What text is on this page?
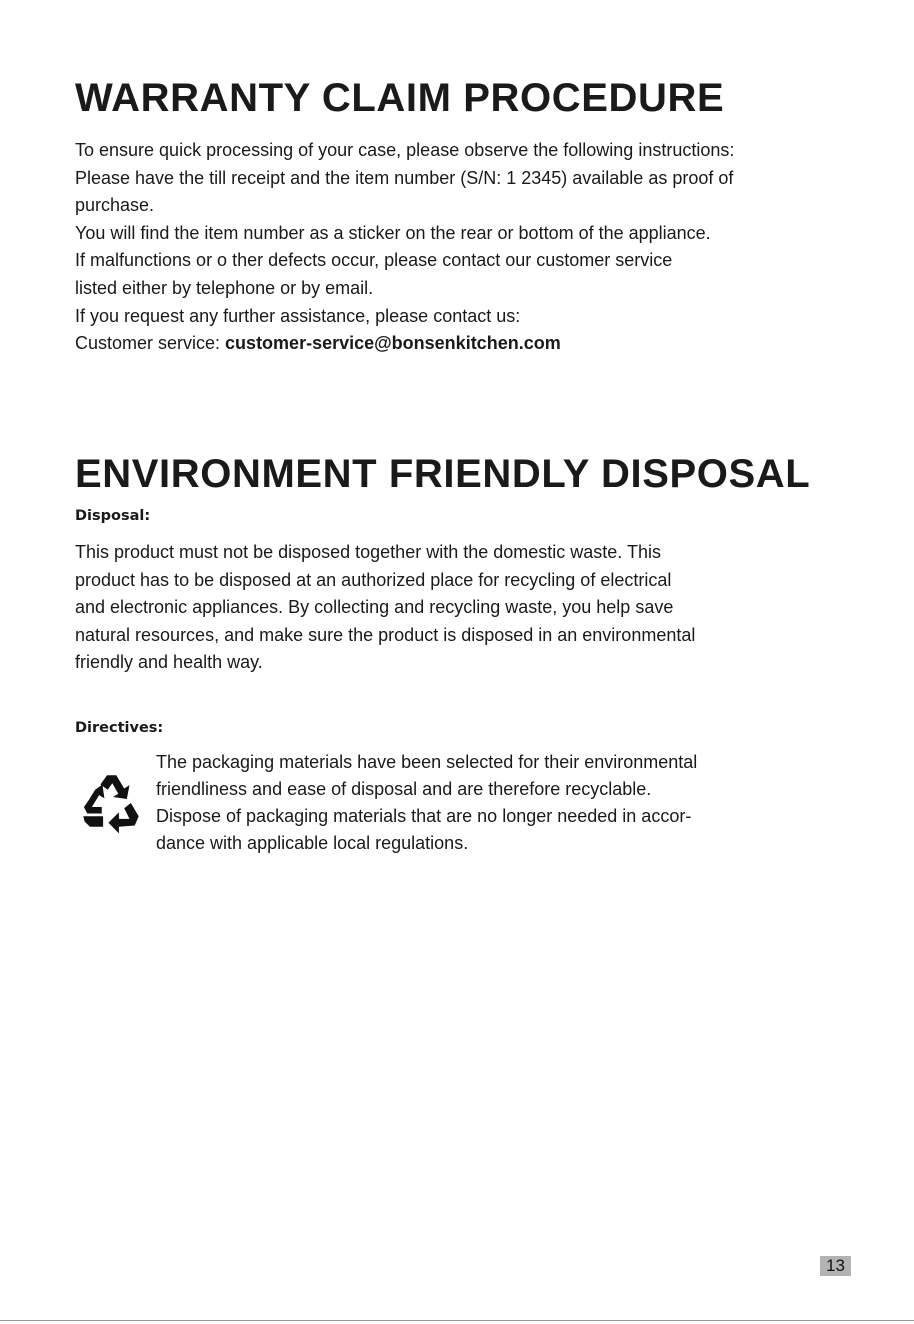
WARRANTY CLAIM PROCEDURE
To ensure quick processing of your case, please observe the following instructions:
Please have the till receipt and the item number (S/N: 1 2345) available as proof of
purchase.
You will find the item number as a sticker on the rear or bottom of the appliance.
If malfunctions or o ther defects occur, please contact our customer service
listed either by telephone or by email.
If you request any further assistance, please contact us:
Customer service: customer-service@bonsenkitchen.com
ENVIRONMENT FRIENDLY DISPOSAL
Disposal:
This product must not be disposed together with the domestic waste. This
product has to be disposed at an authorized place for recycling of electrical
and electronic appliances. By collecting and recycling waste, you help save
natural resources, and make sure the product is disposed in an environmental
friendly and health way.
Directives:
The packaging materials have been selected for their environmental
friendliness and ease of disposal and are therefore recyclable.
Dispose of packaging materials that are no longer needed in accor-
dance with applicable local regulations.
13
